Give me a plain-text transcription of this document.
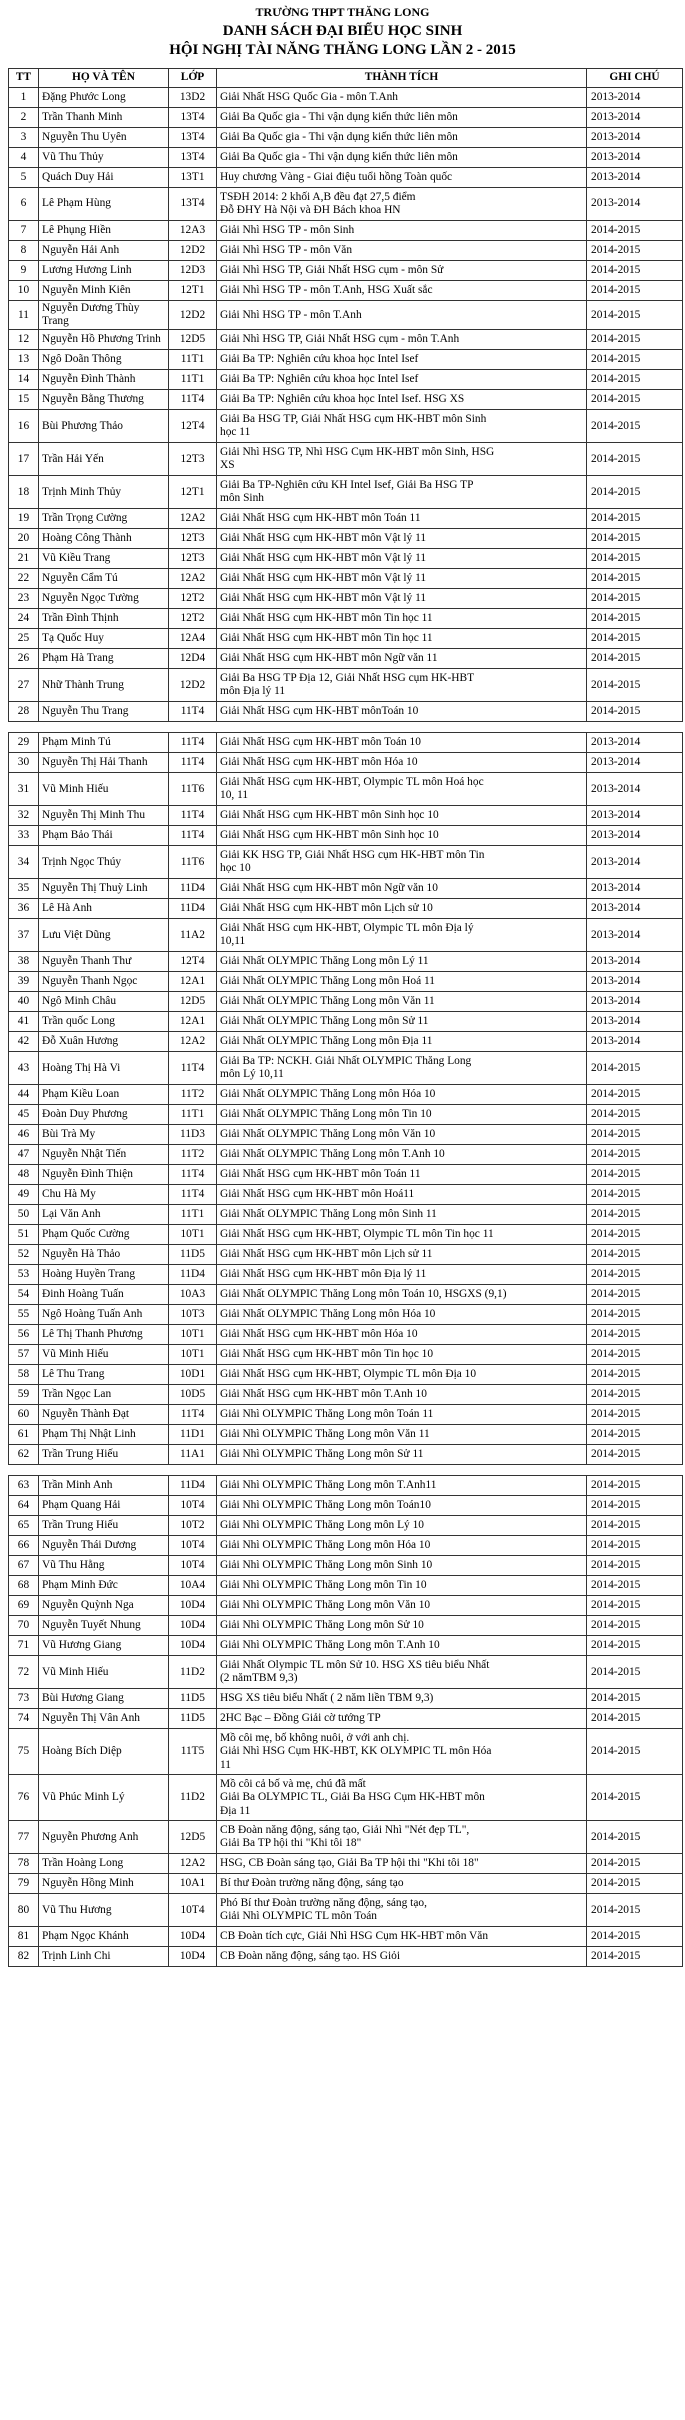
TRƯỜNG THPT THĂNG LONG
DANH SÁCH ĐẠI BIỂU HỌC SINH
HỘI NGHỊ TÀI NĂNG THĂNG LONG LẦN 2 - 2015
TT	HỌ VÀ TÊN	LỚP	THÀNH TÍCH	GHI CHÚ
1	Đặng Phước Long	13D2	Giải Nhất HSG Quốc Gia - môn T.Anh	2013-2014
2	Trần Thanh Minh	13T4	Giải Ba Quốc gia - Thi vận dụng kiến thức liên môn	2013-2014
3	Nguyễn Thu Uyên	13T4	Giải Ba Quốc gia - Thi vận dụng kiến thức liên môn	2013-2014
4	Vũ Thu Thủy	13T4	Giải Ba Quốc gia - Thi vận dụng kiến thức liên môn	2013-2014
5	Quách Duy Hải	13T1	Huy chương Vàng - Giai điệu tuổi hồng Toàn quốc	2013-2014
6	Lê Phạm Hùng	13T4	TSĐH 2014: 2 khối A,B đều đạt 27,5 điểm
Đỗ ĐHY Hà Nội và ĐH Bách khoa HN	2013-2014
7	Lê Phụng Hiền	12A3	Giải Nhì HSG TP - môn Sinh	2014-2015
8	Nguyễn Hải Anh	12D2	Giải Nhì HSG TP - môn Văn	2014-2015
9	Lương Hương Linh	12D3	Giải Nhì HSG TP, Giải Nhất HSG cụm - môn Sử	2014-2015
10	Nguyễn Minh Kiên	12T1	Giải Nhì HSG TP - môn T.Anh, HSG Xuất sắc	2014-2015
11	Nguyễn Dương Thùy Trang	12D2	Giải Nhì HSG TP - môn T.Anh	2014-2015
12	Nguyễn Hồ Phương Trinh	12D5	Giải Nhì HSG TP, Giải Nhất HSG cụm - môn T.Anh	2014-2015
13	Ngô Doãn Thông	11T1	Giải Ba TP: Nghiên cứu khoa học Intel Isef	2014-2015
14	Nguyễn Đình Thành	11T1	Giải Ba TP: Nghiên cứu khoa học Intel Isef	2014-2015
15	Nguyễn Bằng Thương	11T4	Giải Ba TP: Nghiên cứu khoa học Intel Isef. HSG XS	2014-2015
16	Bùi Phương Thảo	12T4	Giải Ba HSG TP, Giải Nhất HSG cụm HK-HBT môn Sinh
học 11	2014-2015
17	Trần Hải Yến	12T3	Giải Nhì HSG TP, Nhì HSG Cụm HK-HBT môn Sinh, HSG
XS	2014-2015
18	Trịnh Minh Thủy	12T1	Giải Ba TP-Nghiên cứu KH Intel Isef, Giải Ba HSG TP
môn Sinh	2014-2015
19	Trần Trọng Cường	12A2	Giải Nhất HSG cụm HK-HBT môn Toán 11	2014-2015
20	Hoàng Công Thành	12T3	Giải Nhất HSG cụm HK-HBT môn Vật lý 11	2014-2015
21	Vũ Kiều Trang	12T3	Giải Nhất HSG cụm HK-HBT môn Vật lý 11	2014-2015
22	Nguyễn Cẩm Tú	12A2	Giải Nhất HSG cụm HK-HBT môn Vật lý 11	2014-2015
23	Nguyễn Ngọc Tường	12T2	Giải Nhất HSG cụm HK-HBT môn Vật lý 11	2014-2015
24	Trần Đình Thịnh	12T2	Giải Nhất HSG cụm HK-HBT môn Tin học 11	2014-2015
25	Tạ Quốc Huy	12A4	Giải Nhất HSG cụm HK-HBT môn Tin học 11	2014-2015
26	Phạm Hà Trang	12D4	Giải Nhất HSG cụm HK-HBT môn Ngữ văn 11	2014-2015
27	Nhữ Thành Trung	12D2	Giải Ba HSG TP Địa 12, Giải Nhất HSG cụm HK-HBT
môn Địa lý 11	2014-2015
28	Nguyễn Thu Trang	11T4	Giải Nhất HSG cụm HK-HBT mônToán 10	2014-2015

29	Phạm Minh Tú	11T4	Giải Nhất HSG cụm HK-HBT môn Toán 10	2013-2014
30	Nguyễn Thị Hải Thanh	11T4	Giải Nhất HSG cụm HK-HBT môn Hóa 10	2013-2014
31	Vũ Minh Hiếu	11T6	Giải Nhất HSG cụm HK-HBT, Olympic TL môn Hoá học
10, 11	2013-2014
32	Nguyễn Thị Minh Thu	11T4	Giải Nhất HSG cụm HK-HBT môn Sinh học 10	2013-2014
33	Phạm Bảo Thái	11T4	Giải Nhất HSG cụm HK-HBT môn Sinh học 10	2013-2014
34	Trịnh Ngọc Thúy	11T6	Giải KK HSG TP, Giải Nhất HSG cụm HK-HBT môn Tin
học 10	2013-2014
35	Nguyễn Thị Thuỳ Linh	11D4	Giải Nhất HSG cụm HK-HBT môn Ngữ văn 10	2013-2014
36	Lê Hà Anh	11D4	Giải Nhất HSG cụm HK-HBT môn Lịch sử 10	2013-2014
37	Lưu Việt Dũng	11A2	Giải Nhất HSG cụm HK-HBT, Olympic TL môn Địa lý
10,11	2013-2014
38	Nguyễn Thanh Thư	12T4	Giải Nhất OLYMPIC Thăng Long môn Lý 11	2013-2014
39	Nguyễn Thanh Ngọc	12A1	Giải Nhất OLYMPIC Thăng Long môn Hoá 11	2013-2014
40	Ngô Minh Châu	12D5	Giải Nhất OLYMPIC Thăng Long môn Văn 11	2013-2014
41	Trần quốc Long	12A1	Giải Nhất OLYMPIC Thăng Long môn Sử 11	2013-2014
42	Đỗ Xuân Hương	12A2	Giải Nhất OLYMPIC Thăng Long môn Địa 11	2013-2014
43	Hoàng Thị Hà Vi	11T4	Giải Ba TP: NCKH. Giải Nhất OLYMPIC Thăng Long
môn Lý 10,11	2014-2015
44	Phạm Kiều Loan	11T2	Giải Nhất OLYMPIC Thăng Long môn Hóa 10	2014-2015
45	Đoàn Duy Phương	11T1	Giải Nhất OLYMPIC Thăng Long môn Tin 10	2014-2015
46	Bùi Trà My	11D3	Giải Nhất OLYMPIC Thăng Long môn Văn 10	2014-2015
47	Nguyễn Nhật Tiến	11T2	Giải Nhất OLYMPIC Thăng Long môn T.Anh 10	2014-2015
48	Nguyễn Đình Thiện	11T4	Giải Nhất HSG cụm HK-HBT môn Toán 11	2014-2015
49	Chu Hà My	11T4	Giải Nhất HSG cụm HK-HBT môn Hoá11	2014-2015
50	Lại Văn Anh	11T1	Giải Nhất OLYMPIC Thăng Long môn Sinh 11	2014-2015
51	Phạm Quốc Cường	10T1	Giải Nhất HSG cụm HK-HBT, Olympic TL môn Tin học 11	2014-2015
52	Nguyễn Hà Thảo	11D5	Giải Nhất HSG cụm HK-HBT môn Lịch sử 11	2014-2015
53	Hoàng Huyền Trang	11D4	Giải Nhất HSG cụm HK-HBT môn Địa lý 11	2014-2015
54	Đinh Hoàng Tuấn	10A3	Giải Nhất OLYMPIC Thăng Long môn Toán 10, HSGXS (9,1)	2014-2015
55	Ngô Hoàng Tuấn Anh	10T3	Giải Nhất OLYMPIC Thăng Long môn Hóa 10	2014-2015
56	Lê Thị Thanh Phương	10T1	Giải Nhất HSG cụm HK-HBT môn Hóa 10	2014-2015
57	Vũ Minh Hiếu	10T1	Giải Nhất HSG cụm HK-HBT môn Tin học 10	2014-2015
58	Lê Thu Trang	10D1	Giải Nhất HSG cụm HK-HBT, Olympic TL môn Địa 10	2014-2015
59	Trần Ngọc Lan	10D5	Giải Nhất HSG cụm HK-HBT môn T.Anh 10	2014-2015
60	Nguyễn Thành Đạt	11T4	Giải Nhì OLYMPIC Thăng Long môn Toán 11	2014-2015
61	Phạm Thị Nhật Linh	11D1	Giải Nhì OLYMPIC Thăng Long môn Văn 11	2014-2015
62	Trần Trung Hiếu	11A1	Giải Nhì OLYMPIC Thăng Long môn Sử 11	2014-2015

63	Trần Minh Anh	11D4	Giải Nhì OLYMPIC Thăng Long môn T.Anh11	2014-2015
64	Phạm Quang Hải	10T4	Giải Nhì OLYMPIC Thăng Long môn Toán10	2014-2015
65	Trần Trung Hiếu	10T2	Giải Nhì OLYMPIC Thăng Long môn Lý 10	2014-2015
66	Nguyễn Thái Dương	10T4	Giải Nhì OLYMPIC Thăng Long môn Hóa 10	2014-2015
67	Vũ Thu Hằng	10T4	Giải Nhì OLYMPIC Thăng Long môn Sinh 10	2014-2015
68	Phạm Minh Đức	10A4	Giải Nhì OLYMPIC Thăng Long môn Tin 10	2014-2015
69	Nguyễn Quỳnh Nga	10D4	Giải Nhì OLYMPIC Thăng Long môn Văn 10	2014-2015
70	Nguyễn Tuyết Nhung	10D4	Giải Nhì OLYMPIC Thăng Long môn Sử 10	2014-2015
71	Vũ Hương Giang	10D4	Giải Nhì OLYMPIC Thăng Long môn T.Anh 10	2014-2015
72	Vũ Minh Hiếu	11D2	Giải Nhất Olympic TL môn Sử 10. HSG XS tiêu biểu Nhất
(2 nămTBM 9,3)	2014-2015
73	Bùi Hương Giang	11D5	HSG XS tiêu biểu Nhất ( 2 năm liền TBM 9,3)	2014-2015
74	Nguyễn Thị Vân Anh	11D5	2HC Bạc – Đồng Giải cờ tướng TP	2014-2015
75	Hoàng Bích Diệp	11T5	Mồ côi mẹ, bố không nuôi, ở với anh chị.
Giải Nhì HSG Cụm HK-HBT, KK OLYMPIC TL môn Hóa
11	2014-2015
76	Vũ Phúc Minh Lý	11D2	Mồ côi cả bố và mẹ, chú đã mất
Giải Ba OLYMPIC TL, Giải Ba HSG Cụm HK-HBT môn
Địa 11	2014-2015
77	Nguyễn Phương Anh	12D5	CB Đoàn năng động, sáng tạo, Giải Nhì "Nét đẹp TL",
Giải Ba TP hội thi "Khi tôi 18"	2014-2015
78	Trần Hoàng Long	12A2	HSG, CB Đoàn sáng tạo, Giải Ba TP hội thi "Khi tôi 18"	2014-2015
79	Nguyễn Hồng Minh	10A1	Bí thư Đoàn trường năng động, sáng tạo	2014-2015
80	Vũ Thu Hương	10T4	Phó Bí thư Đoàn trường năng động, sáng tạo,
Giải Nhì OLYMPIC TL môn Toán	2014-2015
81	Phạm Ngọc Khánh	10D4	CB Đoàn tích cực, Giải Nhì HSG Cụm HK-HBT môn Văn	2014-2015
82	Trịnh Linh Chi	10D4	CB Đoàn năng động, sáng tạo. HS Giỏi	2014-2015
